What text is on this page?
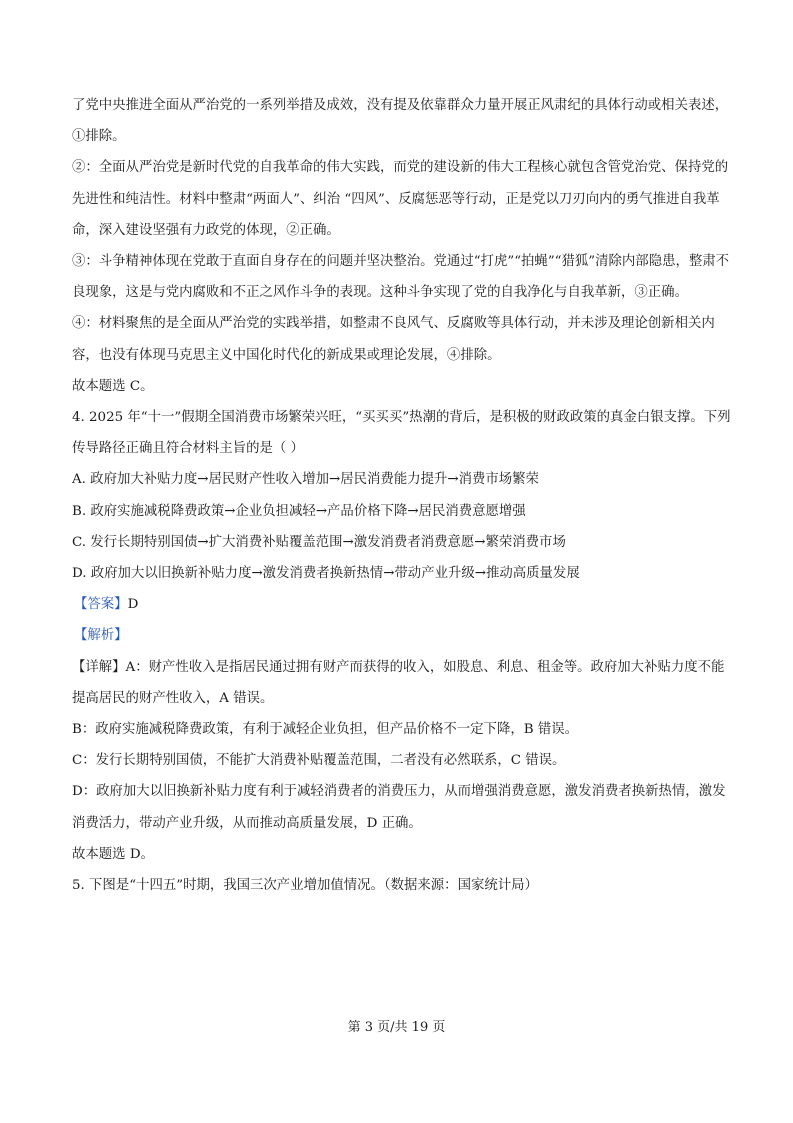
了党中央推进全面从严治党的一系列举措及成效，没有提及依靠群众力量开展正风肃纪的具体行动或相关表述，①排除。

②：全面从严治党是新时代党的自我革命的伟大实践，而党的建设新的伟大工程核心就包含管党治党、保持党的先进性和纯洁性。材料中整肃“两面人”、纠治 “四风”、反腐惩恶等行动，正是党以刀刃向内的勇气推进自我革命，深入建设坚强有力政党的体现，②正确。

③：斗争精神体现在党敢于直面自身存在的问题并坚决整治。党通过“打虎”“拍蝇”“猎狐”清除内部隐患，整肃不良现象，这是与党内腐败和不正之风作斗争的表现。这种斗争实现了党的自我净化与自我革新，③正确。

④：材料聚焦的是全面从严治党的实践举措，如整肃不良风气、反腐败等具体行动，并未涉及理论创新相关内容，也没有体现马克思主义中国化时代化的新成果或理论发展，④排除。

故本题选 C。

4. 2025 年“十一”假期全国消费市场繁荣兴旺，“买买买”热潮的背后，是积极的财政政策的真金白银支撑。下列传导路径正确且符合材料主旨的是（ ）

A. 政府加大补贴力度→居民财产性收入增加→居民消费能力提升→消费市场繁荣

B. 政府实施减税降费政策→企业负担减轻→产品价格下降→居民消费意愿增强

C. 发行长期特别国债→扩大消费补贴覆盖范围→激发消费者消费意愿→繁荣消费市场

D. 政府加大以旧换新补贴力度→激发消费者换新热情→带动产业升级→推动高质量发展

【答案】D

【解析】

【详解】A：财产性收入是指居民通过拥有财产而获得的收入，如股息、利息、租金等。政府加大补贴力度不能提高居民的财产性收入，A 错误。

B：政府实施减税降费政策，有利于减轻企业负担，但产品价格不一定下降，B 错误。

C：发行长期特别国债，不能扩大消费补贴覆盖范围，二者没有必然联系，C 错误。

D：政府加大以旧换新补贴力度有利于减轻消费者的消费压力，从而增强消费意愿，激发消费者换新热情，激发消费活力，带动产业升级，从而推动高质量发展，D 正确。

故本题选 D。

5. 下图是“十四五”时期，我国三次产业增加值情况。（数据来源：国家统计局）

第 3 页/共 19 页
